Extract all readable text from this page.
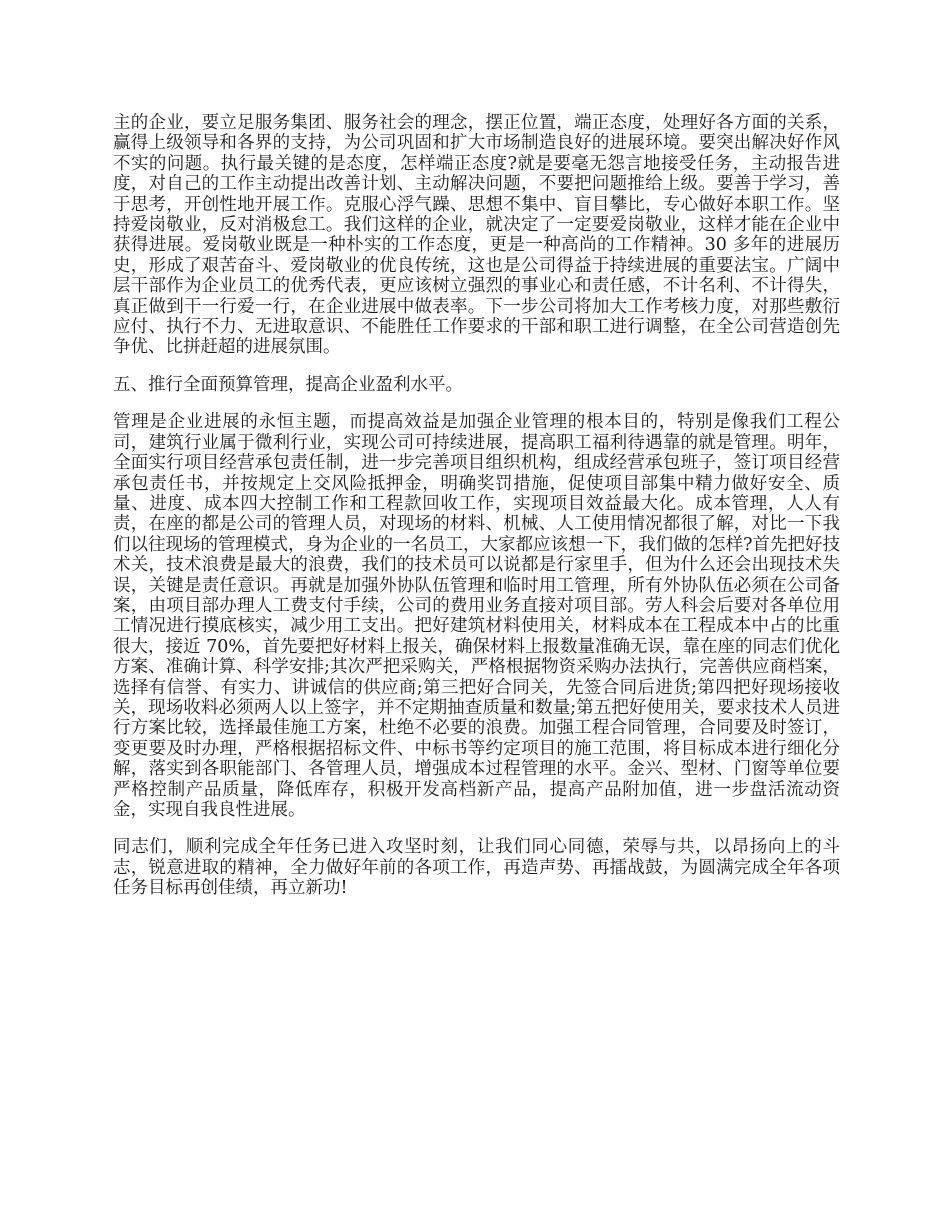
主的企业，要立足服务集团、服务社会的理念，摆正位置，端正态度，处理好各方面的关系，赢得上级领导和各界的支持，为公司巩固和扩大市场制造良好的进展环境。要突出解决好作风不实的问题。执行最关键的是态度，怎样端正态度?就是要毫无怨言地接受任务，主动报告进度，对自己的工作主动提出改善计划、主动解决问题，不要把问题推给上级。要善于学习，善于思考，开创性地开展工作。克服心浮气躁、思想不集中、盲目攀比，专心做好本职工作。坚持爱岗敬业，反对消极怠工。我们这样的企业，就决定了一定要爱岗敬业，这样才能在企业中获得进展。爱岗敬业既是一种朴实的工作态度，更是一种高尚的工作精神。30 多年的进展历史，形成了艰苦奋斗、爱岗敬业的优良传统，这也是公司得益于持续进展的重要法宝。广阔中层干部作为企业员工的优秀代表，更应该树立强烈的事业心和责任感，不计名利、不计得失，真正做到干一行爱一行，在企业进展中做表率。下一步公司将加大工作考核力度，对那些敷衍应付、执行不力、无进取意识、不能胜任工作要求的干部和职工进行调整，在全公司营造创先争优、比拼赶超的进展氛围。

五、推行全面预算管理，提高企业盈利水平。

管理是企业进展的永恒主题，而提高效益是加强企业管理的根本目的，特别是像我们工程公司，建筑行业属于微利行业，实现公司可持续进展，提高职工福利待遇靠的就是管理。明年，全面实行项目经营承包责任制，进一步完善项目组织机构，组成经营承包班子，签订项目经营承包责任书，并按规定上交风险抵押金，明确奖罚措施，促使项目部集中精力做好安全、质量、进度、成本四大控制工作和工程款回收工作，实现项目效益最大化。成本管理，人人有责，在座的都是公司的管理人员，对现场的材料、机械、人工使用情况都很了解，对比一下我们以往现场的管理模式，身为企业的一名员工，大家都应该想一下，我们做的怎样?首先把好技术关，技术浪费是最大的浪费，我们的技术员可以说都是行家里手，但为什么还会出现技术失误，关键是责任意识。再就是加强外协队伍管理和临时用工管理，所有外协队伍必须在公司备案，由项目部办理人工费支付手续，公司的费用业务直接对项目部。劳人科会后要对各单位用工情况进行摸底核实，减少用工支出。把好建筑材料使用关，材料成本在工程成本中占的比重很大，接近 70%，首先要把好材料上报关，确保材料上报数量准确无误，靠在座的同志们优化方案、准确计算、科学安排;其次严把采购关，严格根据物资采购办法执行，完善供应商档案，选择有信誉、有实力、讲诚信的供应商;第三把好合同关，先签合同后进货;第四把好现场接收关，现场收料必须两人以上签字，并不定期抽查质量和数量;第五把好使用关，要求技术人员进行方案比较，选择最佳施工方案，杜绝不必要的浪费。加强工程合同管理，合同要及时签订，变更要及时办理，严格根据招标文件、中标书等约定项目的施工范围，将目标成本进行细化分解，落实到各职能部门、各管理人员，增强成本过程管理的水平。金兴、型材、门窗等单位要严格控制产品质量，降低库存，积极开发高档新产品，提高产品附加值，进一步盘活流动资金，实现自我良性进展。

同志们，顺利完成全年任务已进入攻坚时刻，让我们同心同德，荣辱与共，以昂扬向上的斗志，锐意进取的精神，全力做好年前的各项工作，再造声势、再擂战鼓，为圆满完成全年各项任务目标再创佳绩，再立新功!
